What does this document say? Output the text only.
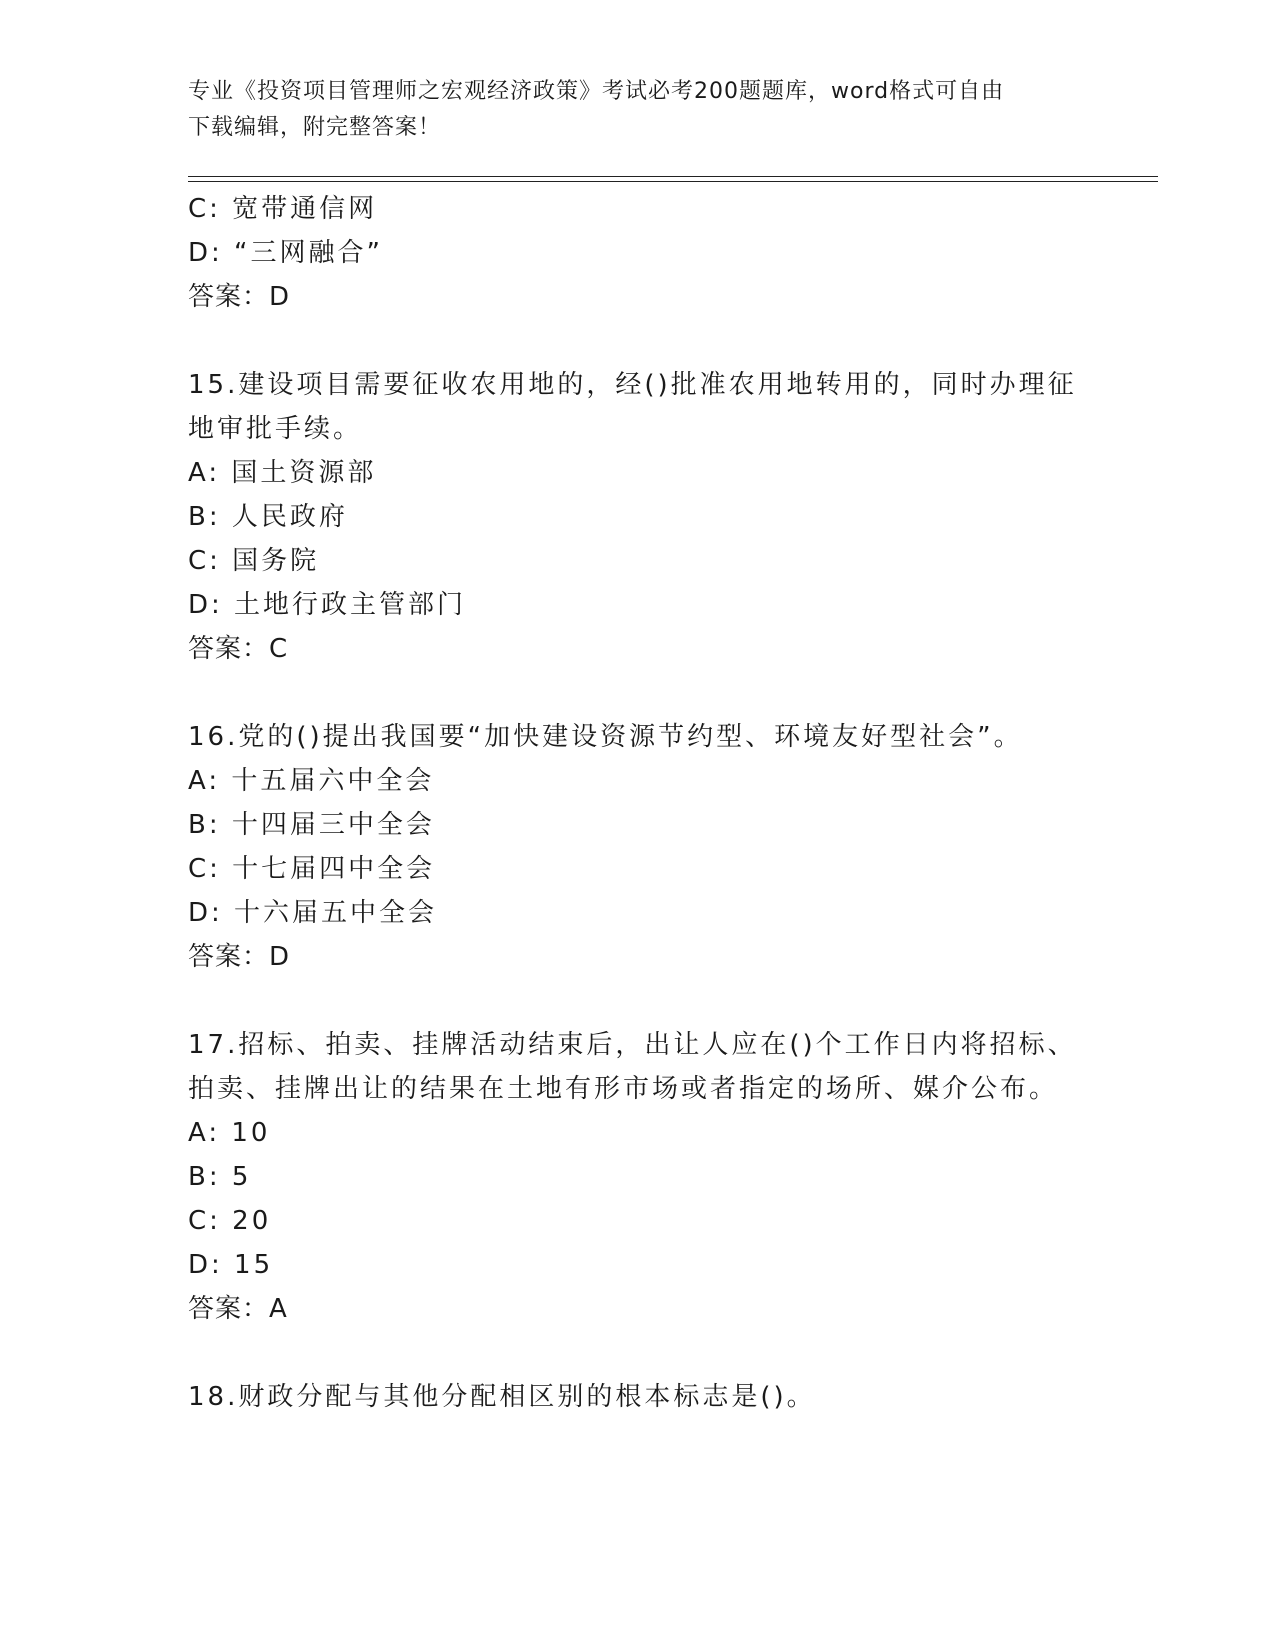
专业《投资项目管理师之宏观经济政策》考试必考200题题库，word格式可自由
下载编辑，附完整答案！
C: 宽带通信网
D: “三网融合”
答案：D
15.建设项目需要征收农用地的，经()批准农用地转用的，同时办理征
地审批手续。
A: 国土资源部
B: 人民政府
C: 国务院
D: 土地行政主管部门
答案：C
16.党的()提出我国要“加快建设资源节约型、环境友好型社会”。
A: 十五届六中全会
B: 十四届三中全会
C: 十七届四中全会
D: 十六届五中全会
答案：D
17.招标、拍卖、挂牌活动结束后，出让人应在()个工作日内将招标、
拍卖、挂牌出让的结果在土地有形市场或者指定的场所、媒介公布。
A: 10
B: 5
C: 20
D: 15
答案：A
18.财政分配与其他分配相区别的根本标志是()。
